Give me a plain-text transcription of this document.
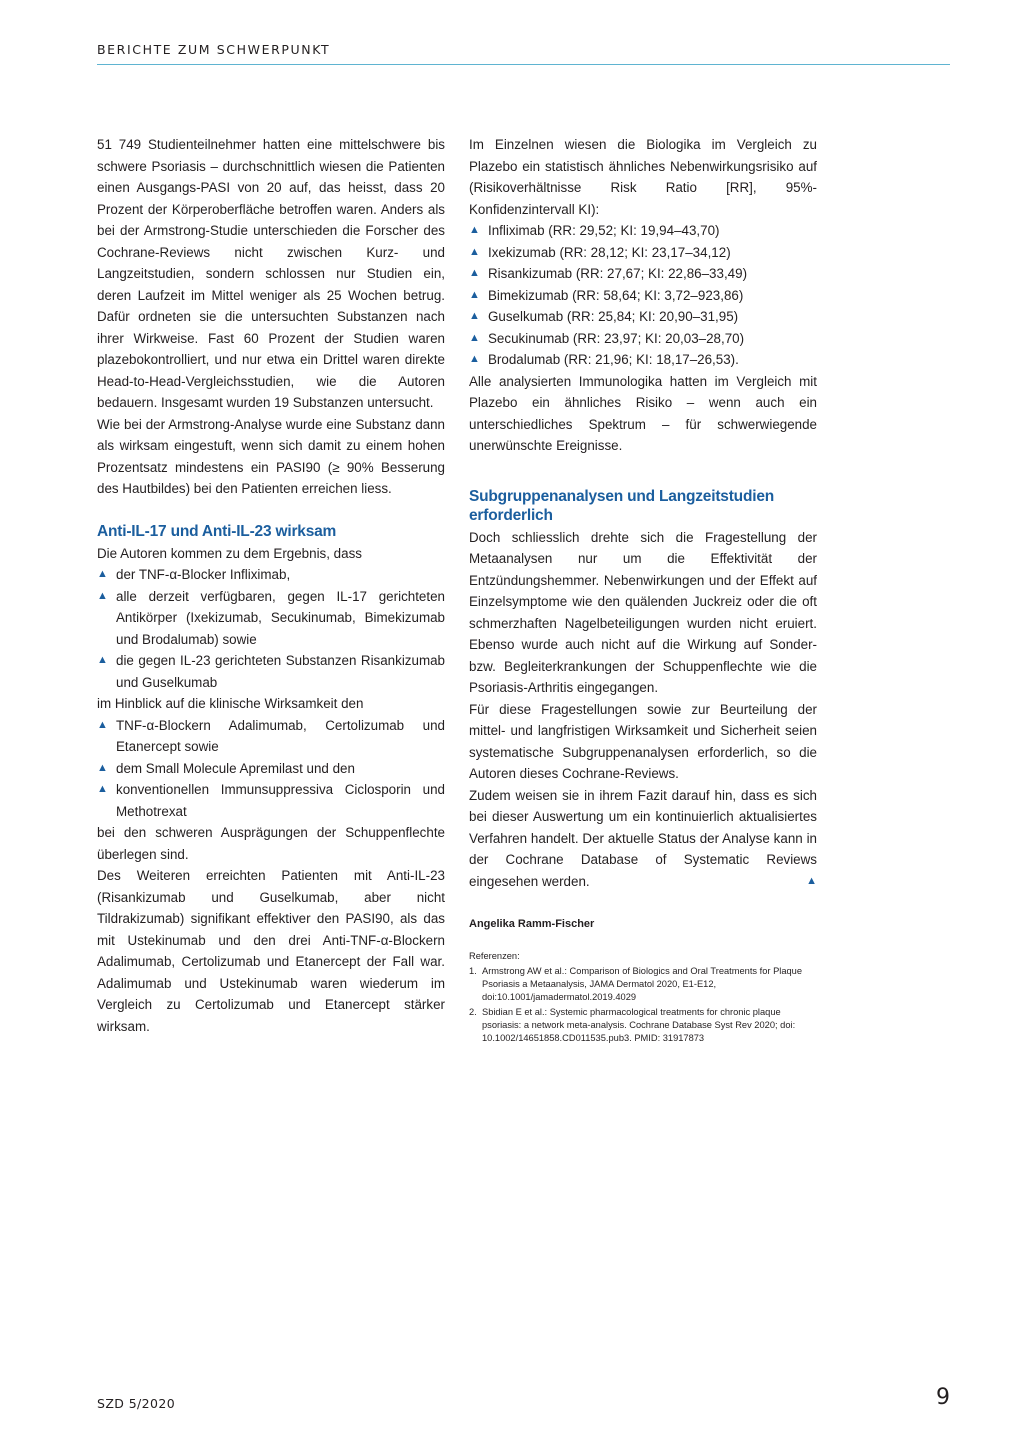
BERICHTE ZUM SCHWERPUNKT

51 749 Studienteilnehmer hatten eine mittelschwere bis schwere Psoriasis – durchschnittlich wiesen die Patienten einen Ausgangs-PASI von 20 auf, das heisst, dass 20 Prozent der Körperoberfläche betroffen waren. Anders als bei der Armstrong-Studie unterschieden die Forscher des Cochrane-Reviews nicht zwischen Kurz- und Langzeitstudien, sondern schlossen nur Studien ein, deren Laufzeit im Mittel weniger als 25 Wochen betrug. Dafür ordneten sie die untersuchten Substanzen nach ihrer Wirkweise. Fast 60 Prozent der Studien waren plazebokontrolliert, und nur etwa ein Drittel waren direkte Head-to-Head-Vergleichsstudien, wie die Autoren bedauern. Insgesamt wurden 19 Substanzen untersucht.

Wie bei der Armstrong-Analyse wurde eine Substanz dann als wirksam eingestuft, wenn sich damit zu einem hohen Prozentsatz mindestens ein PASI90 (≥ 90% Besserung des Hautbildes) bei den Patienten erreichen liess.

Anti-IL-17 und Anti-IL-23 wirksam

Die Autoren kommen zu dem Ergebnis, dass

▲ der TNF-α-Blocker Infliximab,
▲ alle derzeit verfügbaren, gegen IL-17 gerichteten Antikörper (Ixekizumab, Secukinumab, Bimekizumab und Brodalumab) sowie
▲ die gegen IL-23 gerichteten Substanzen Risankizumab und Guselkumab

im Hinblick auf die klinische Wirksamkeit den

▲ TNF-α-Blockern Adalimumab, Certolizumab und Etanercept sowie
▲ dem Small Molecule Apremilast und den
▲ konventionellen Immunsuppressiva Ciclosporin und Methotrexat

bei den schweren Ausprägungen der Schuppenflechte überlegen sind.

Des Weiteren erreichten Patienten mit Anti-IL-23 (Risankizumab und Guselkumab, aber nicht Tildrakizumab) signifikant effektiver den PASI90, als das mit Ustekinumab und den drei Anti-TNF-α-Blockern Adalimumab, Certolizumab und Etanercept der Fall war. Adalimumab und Ustekinumab waren wiederum im Vergleich zu Certolizumab und Etanercept stärker wirksam.

Im Einzelnen wiesen die Biologika im Vergleich zu Plazebo ein statistisch ähnliches Nebenwirkungsrisiko auf (Risikoverhältnisse Risk Ratio [RR], 95%-Konfidenzintervall KI):

▲ Infliximab (RR: 29,52; KI: 19,94–43,70)
▲ Ixekizumab (RR: 28,12; KI: 23,17–34,12)
▲ Risankizumab (RR: 27,67; KI: 22,86–33,49)
▲ Bimekizumab (RR: 58,64; KI: 3,72–923,86)
▲ Guselkumab (RR: 25,84; KI: 20,90–31,95)
▲ Secukinumab (RR: 23,97; KI: 20,03–28,70)
▲ Brodalumab (RR: 21,96; KI: 18,17–26,53).

Alle analysierten Immunologika hatten im Vergleich mit Plazebo ein ähnliches Risiko – wenn auch ein unterschiedliches Spektrum – für schwerwiegende unerwünschte Ereignisse.

Subgruppenanalysen und Langzeitstudien erforderlich

Doch schliesslich drehte sich die Fragestellung der Metaanalysen nur um die Effektivität der Entzündungshemmer. Nebenwirkungen und der Effekt auf Einzelsymptome wie den quälenden Juckreiz oder die oft schmerzhaften Nagelbeteiligungen wurden nicht eruiert. Ebenso wurde auch nicht auf die Wirkung auf Sonder- bzw. Begleiterkrankungen der Schuppenflechte wie die Psoriasis-Arthritis eingegangen.

Für diese Fragestellungen sowie zur Beurteilung der mittel- und langfristigen Wirksamkeit und Sicherheit seien systematische Subgruppenanalysen erforderlich, so die Autoren dieses Cochrane-Reviews.

Zudem weisen sie in ihrem Fazit darauf hin, dass es sich bei dieser Auswertung um ein kontinuierlich aktualisiertes Verfahren handelt. Der aktuelle Status der Analyse kann in der Cochrane Database of Systematic Reviews eingesehen werden.	▲

Angelika Ramm-Fischer
Referenzen:
1. Armstrong AW et al.: Comparison of Biologics and Oral Treatments for Plaque Psoriasis a Metaanalysis, JAMA Dermatol 2020, E1-E12, doi:10.1001/jamadermatol.2019.4029
2. Sbidian E et al.: Systemic pharmacological treatments for chronic plaque psoriasis: a network meta-analysis. Cochrane Database Syst Rev 2020; doi: 10.1002/14651858.CD011535.pub3. PMID: 31917873
SZD 5/2020	9
